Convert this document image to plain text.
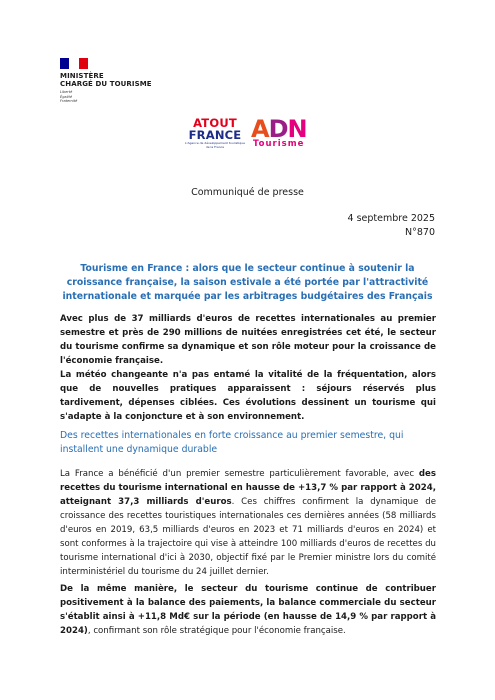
MINISTÈRE
CHARGÉ DU TOURISME
Liberté
Égalité
Fraternité
ATOUT
FRANCE
L'Agence de développement touristique de la France
ADN
Tourisme
Communiqué de presse
4 septembre 2025
N°870
Tourisme en France : alors que le secteur continue à soutenir la croissance française, la saison estivale a été portée par l'attractivité internationale et marquée par les arbitrages budgétaires des Français

Avec plus de 37 milliards d'euros de recettes internationales au premier semestre et près de 290 millions de nuitées enregistrées cet été, le secteur du tourisme confirme sa dynamique et son rôle moteur pour la croissance de l'économie française.

La météo changeante n'a pas entamé la vitalité de la fréquentation, alors que de nouvelles pratiques apparaissent : séjours réservés plus tardivement, dépenses ciblées. Ces évolutions dessinent un tourisme qui s'adapte à la conjoncture et à son environnement.

Des recettes internationales en forte croissance au premier semestre, qui installent une dynamique durable

La France a bénéficié d'un premier semestre particulièrement favorable, avec des recettes du tourisme international en hausse de +13,7 % par rapport à 2024, atteignant 37,3 milliards d'euros. Ces chiffres confirment la dynamique de croissance des recettes touristiques internationales ces dernières années (58 milliards d'euros en 2019, 63,5 milliards d'euros en 2023 et 71 milliards d'euros en 2024) et sont conformes à la trajectoire qui vise à atteindre 100 milliards d'euros de recettes du tourisme international d'ici à 2030, objectif fixé par le Premier ministre lors du comité interministériel du tourisme du 24 juillet dernier.

De la même manière, le secteur du tourisme continue de contribuer positivement à la balance des paiements, la balance commerciale du secteur s'établit ainsi à +11,8 Md€ sur la période (en hausse de 14,9 % par rapport à 2024), confirmant son rôle stratégique pour l'économie française.
